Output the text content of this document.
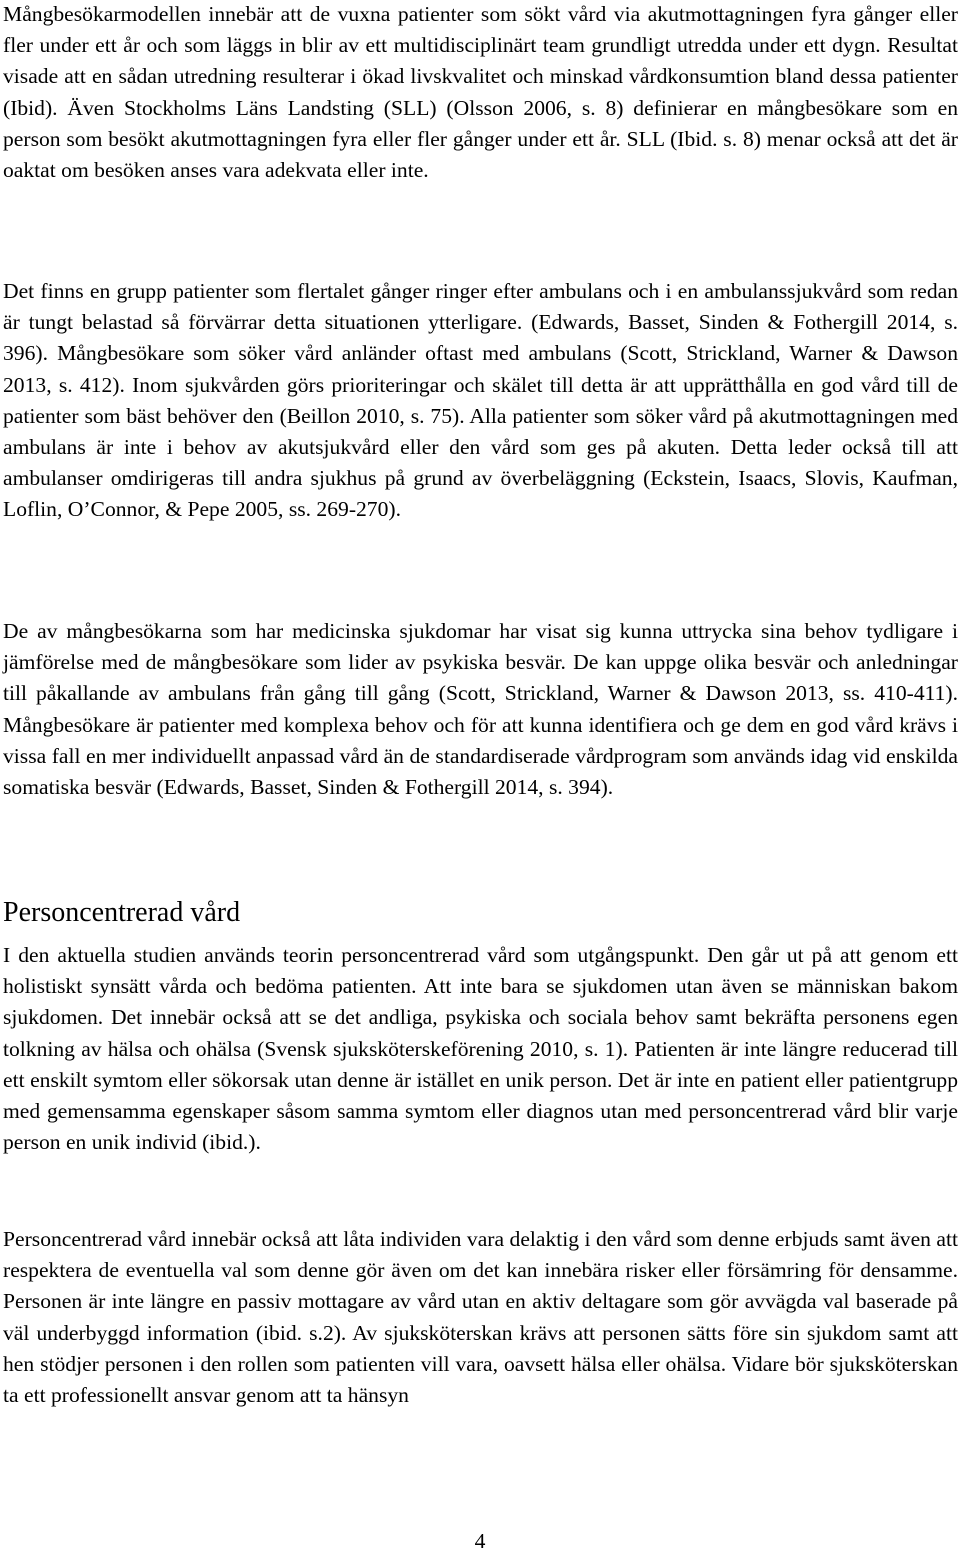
Mångbesökarmodellen innebär att de vuxna patienter som sökt vård via akutmottagningen fyra gånger eller fler under ett år och som läggs in blir av ett multidisciplinärt team grundligt utredda under ett dygn. Resultat visade att en sådan utredning resulterar i ökad livskvalitet och minskad vårdkonsumtion bland dessa patienter (Ibid). Även Stockholms Läns Landsting (SLL) (Olsson 2006, s. 8) definierar en mångbesökare som en person som besökt akutmottagningen fyra eller fler gånger under ett år. SLL (Ibid. s. 8) menar också att det är oaktat om besöken anses vara adekvata eller inte.

Det finns en grupp patienter som flertalet gånger ringer efter ambulans och i en ambulanssjukvård som redan är tungt belastad så förvärrar detta situationen ytterligare. (Edwards, Basset, Sinden & Fothergill 2014, s. 396). Mångbesökare som söker vård anländer oftast med ambulans (Scott, Strickland, Warner & Dawson 2013, s. 412). Inom sjukvården görs prioriteringar och skälet till detta är att upprätthålla en god vård till de patienter som bäst behöver den (Beillon 2010, s. 75). Alla patienter som söker vård på akutmottagningen med ambulans är inte i behov av akutsjukvård eller den vård som ges på akuten. Detta leder också till att ambulanser omdirigeras till andra sjukhus på grund av överbeläggning (Eckstein, Isaacs, Slovis, Kaufman, Loflin, O’Connor, & Pepe 2005, ss. 269-270).

De av mångbesökarna som har medicinska sjukdomar har visat sig kunna uttrycka sina behov tydligare i jämförelse med de mångbesökare som lider av psykiska besvär. De kan uppge olika besvär och anledningar till påkallande av ambulans från gång till gång (Scott, Strickland, Warner & Dawson 2013, ss. 410-411). Mångbesökare är patienter med komplexa behov och för att kunna identifiera och ge dem en god vård krävs i vissa fall en mer individuellt anpassad vård än de standardiserade vårdprogram som används idag vid enskilda somatiska besvär (Edwards, Basset, Sinden & Fothergill 2014, s. 394).

I den aktuella studien används teorin personcentrerad vård som utgångspunkt. Den går ut på att genom ett holistiskt synsätt vårda och bedöma patienten. Att inte bara se sjukdomen utan även se människan bakom sjukdomen. Det innebär också att se det andliga, psykiska och sociala behov samt bekräfta personens egen tolkning av hälsa och ohälsa (Svensk sjuksköterskeförening 2010, s. 1). Patienten är inte längre reducerad till ett enskilt symtom eller sökorsak utan denne är istället en unik person. Det är inte en patient eller patientgrupp med gemensamma egenskaper såsom samma symtom eller diagnos utan med personcentrerad vård blir varje person en unik individ (ibid.).

Personcentrerad vård innebär också att låta individen vara delaktig i den vård som denne erbjuds samt även att respektera de eventuella val som denne gör även om det kan innebära risker eller försämring för densamme. Personen är inte längre en passiv mottagare av vård utan en aktiv deltagare som gör avvägda val baserade på väl underbyggd information (ibid. s.2). Av sjuksköterskan krävs att personen sätts före sin sjukdom samt att hen stödjer personen i den rollen som patienten vill vara, oavsett hälsa eller ohälsa. Vidare bör sjuksköterskan ta ett professionellt ansvar genom att ta hänsyn

Personcentrerad vård
4
